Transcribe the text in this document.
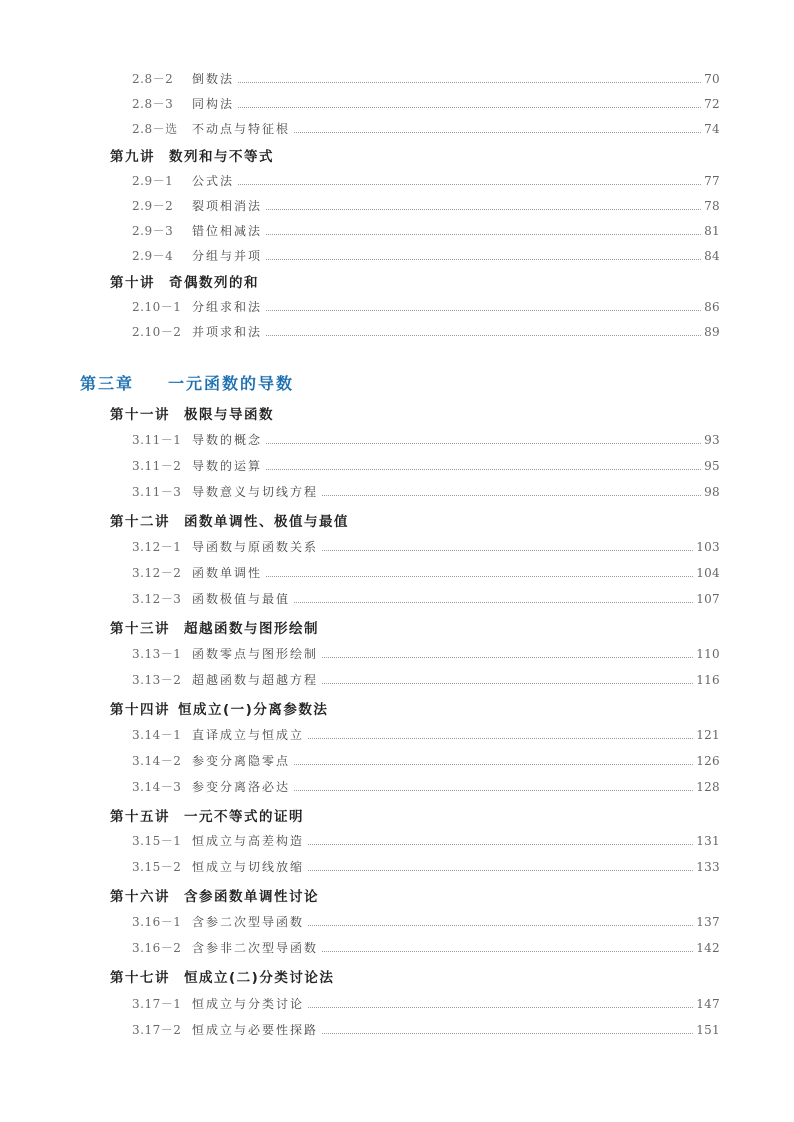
2.8－2	倒数法	70
2.8－3	同构法	72
2.8－选	不动点与特征根	74
第九讲 数列和与不等式
2.9－1	公式法	77
2.9－2	裂项相消法	78
2.9－3	错位相减法	81
2.9－4	分组与并项	84
第十讲 奇偶数列的和
2.10－1 分组求和法	86
2.10－2 并项求和法	89
第三章 一元函数的导数
第十一讲 极限与导函数
3.11－1 导数的概念	93
3.11－2 导数的运算	95
3.11－3 导数意义与切线方程	98
第十二讲 函数单调性、极值与最值
3.12－1 导函数与原函数关系	103
3.12－2 函数单调性	104
3.12－3 函数极值与最值	107
第十三讲 超越函数与图形绘制
3.13－1 函数零点与图形绘制	110
3.13－2 超越函数与超越方程	116
第十四讲 恒成立(一)分离参数法
3.14－1 直译成立与恒成立	121
3.14－2 参变分离隐零点	126
3.14－3 参变分离洛必达	128
第十五讲 一元不等式的证明
3.15－1 恒成立与高差构造	131
3.15－2 恒成立与切线放缩	133
第十六讲 含参函数单调性讨论
3.16－1 含参二次型导函数	137
3.16－2 含参非二次型导函数	142
第十七讲 恒成立(二)分类讨论法
3.17－1 恒成立与分类讨论	147
3.17－2 恒成立与必要性探路	151
